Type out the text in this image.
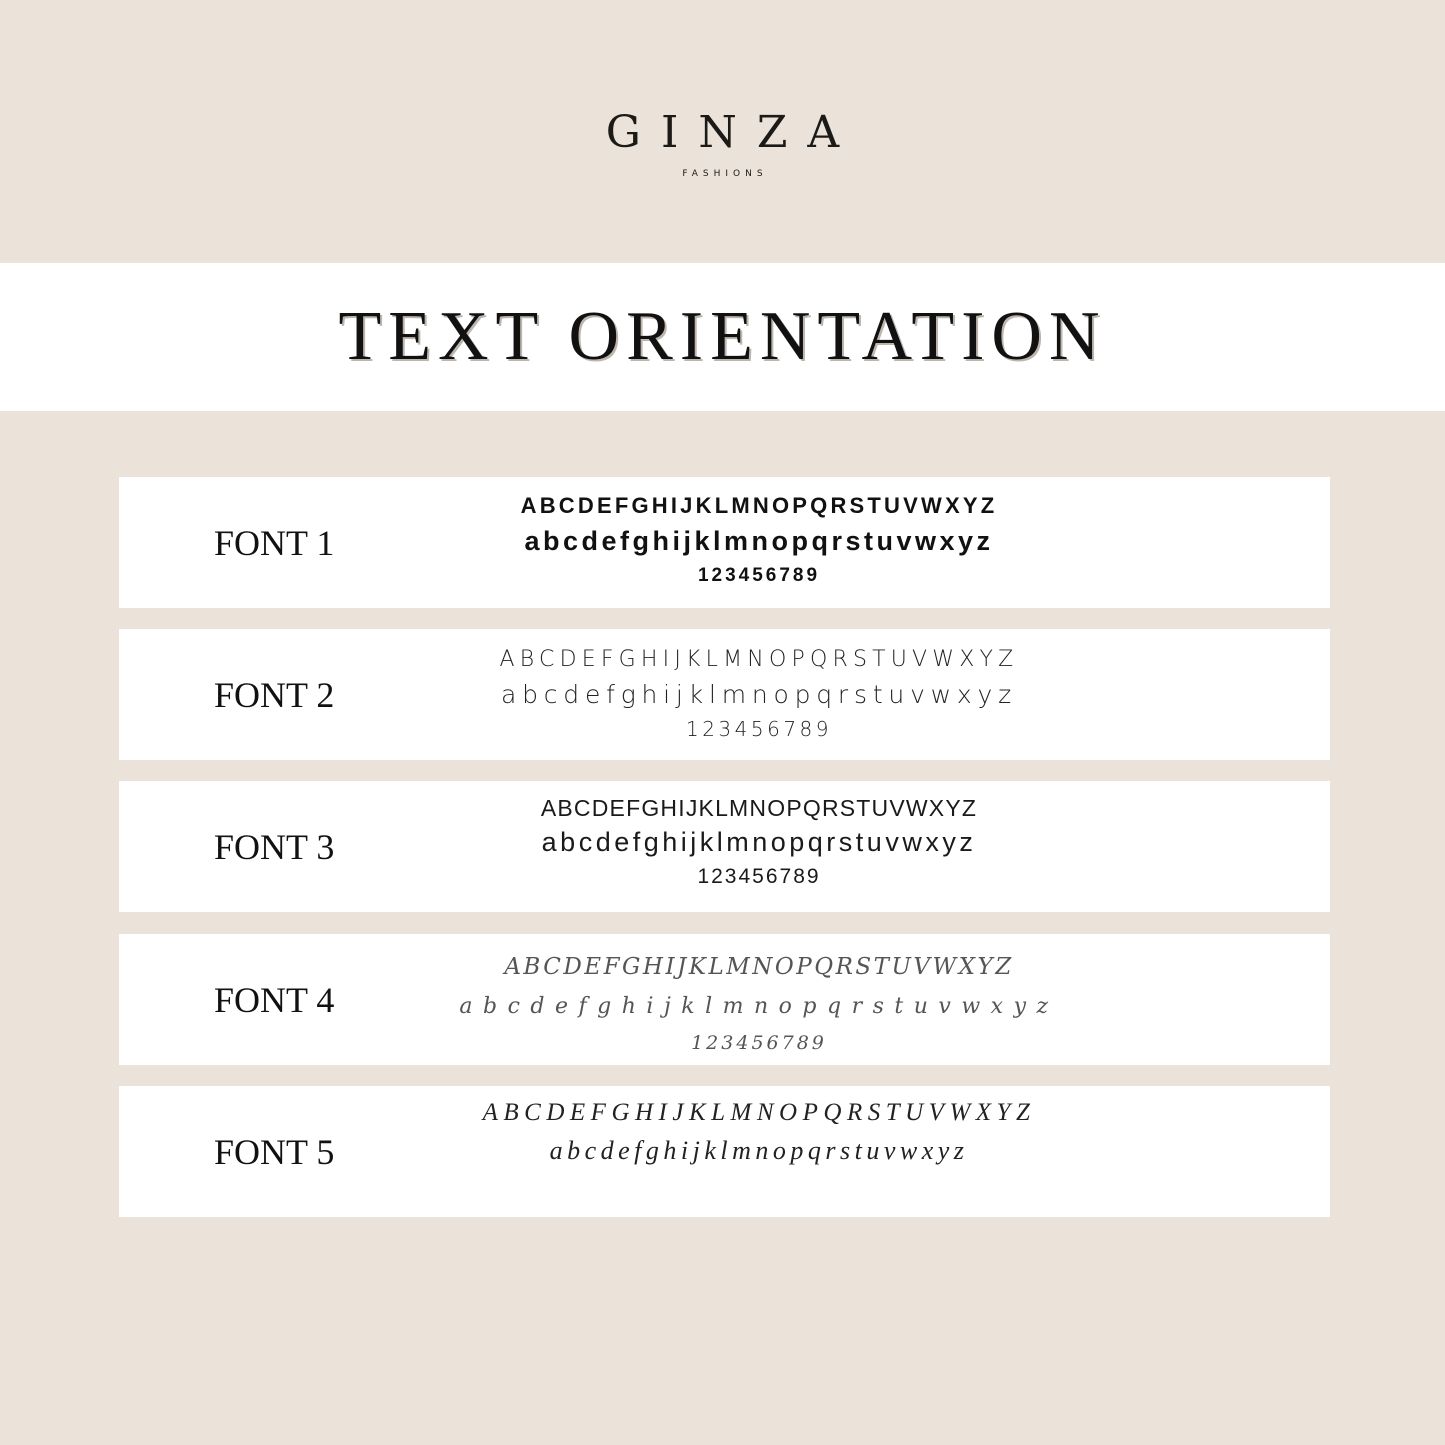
GINZA
FASHIONS
TEXT ORIENTATION
FONT 1
ABCDEFGHIJKLMNOPQRSTUVWXYZ
abcdefghijklmnopqrstuvwxyz
123456789
FONT 2
ABCDEFGHIJKLMNOPQRSTUVWXYZ
abcdefghijklmnopqrstuvwxyz
123456789
FONT 3
ABCDEFGHIJKLMNOPQRSTUVWXYZ
abcdefghijklmnopqrstuvwxyz
123456789
FONT 4
ABCDEFGHIJKLMNOPQRSTUVWXYZ
abcdefghijklmnopqrstuvwxyz
123456789
FONT 5
ABCDEFGHIJKLMNOPQRSTUVWXYZ
abcdefghijklmnopqrstuvwxyz
